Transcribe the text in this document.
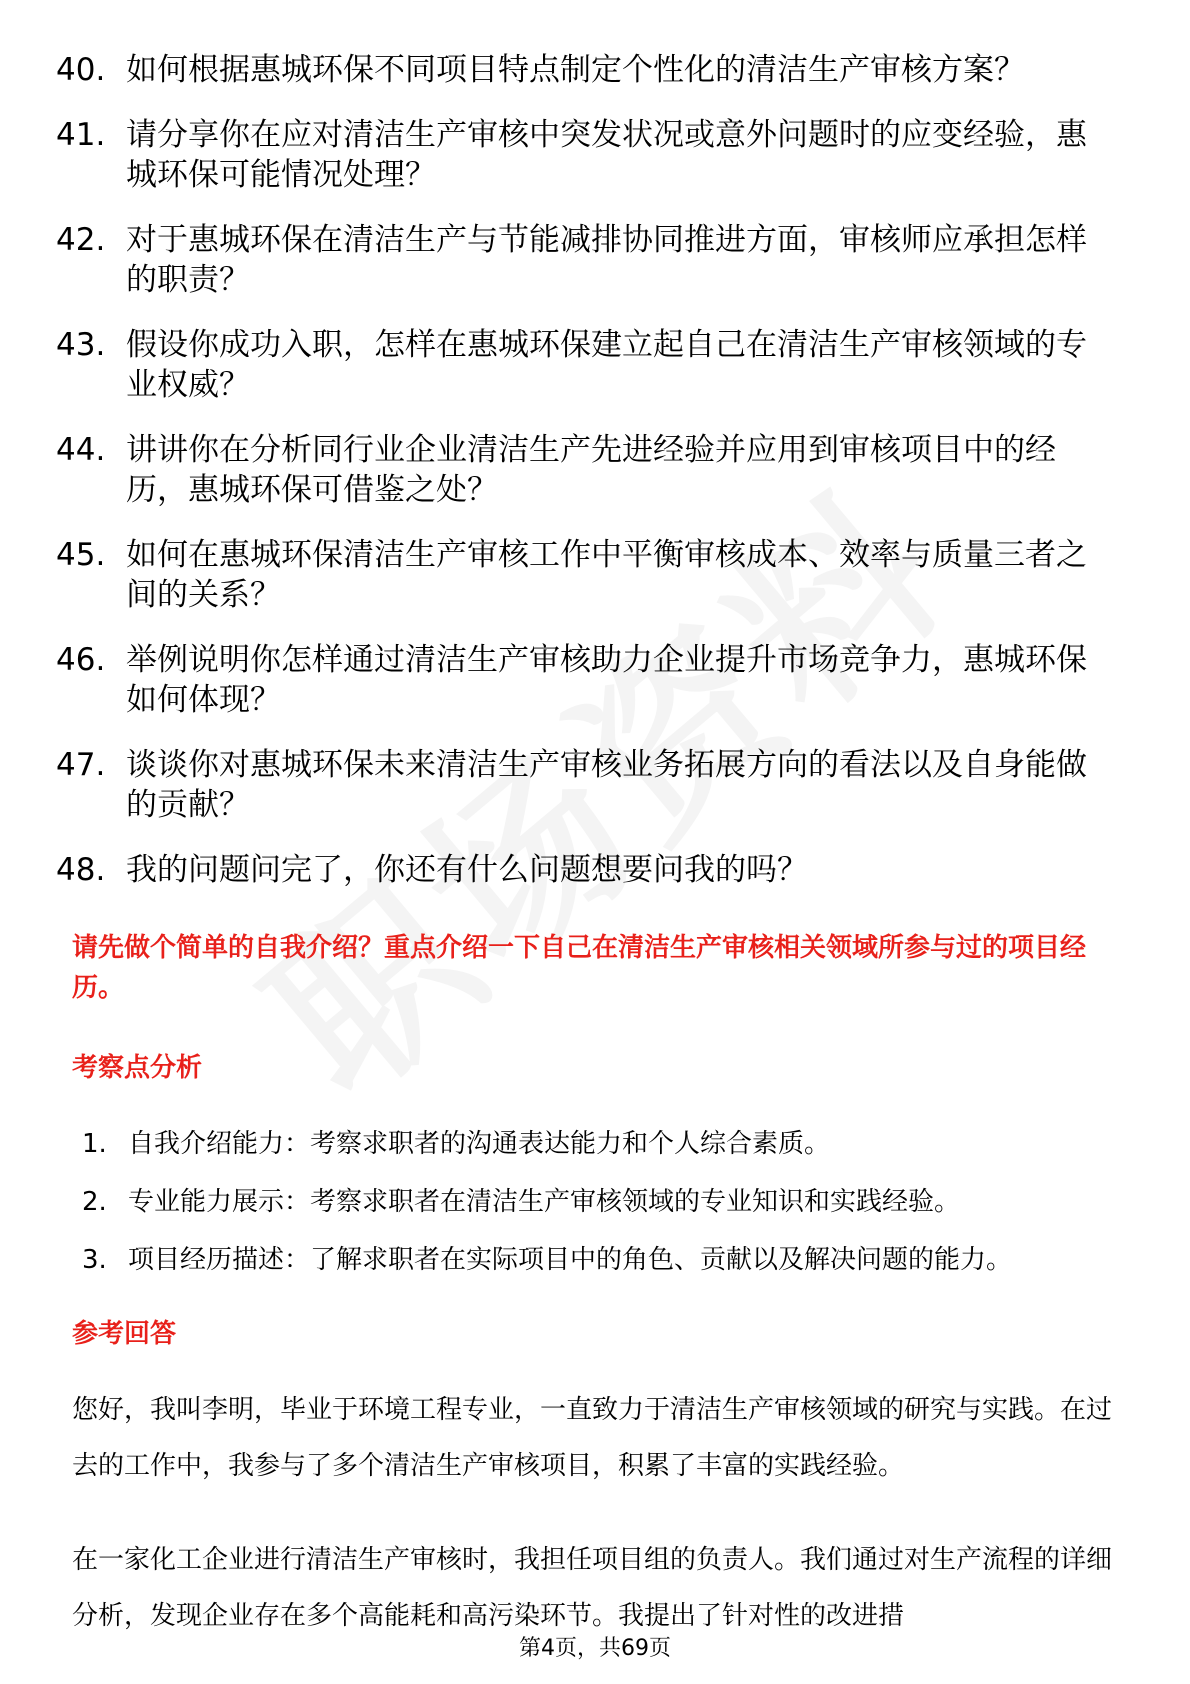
40. 如何根据惠城环保不同项目特点制定个性化的清洁生产审核方案？
41. 请分享你在应对清洁生产审核中突发状况或意外问题时的应变经验，惠城环保可能情况处理？
42. 对于惠城环保在清洁生产与节能减排协同推进方面，审核师应承担怎样的职责？
43. 假设你成功入职，怎样在惠城环保建立起自己在清洁生产审核领域的专业权威？
44. 讲讲你在分析同行业企业清洁生产先进经验并应用到审核项目中的经历，惠城环保可借鉴之处？
45. 如何在惠城环保清洁生产审核工作中平衡审核成本、效率与质量三者之间的关系？
46. 举例说明你怎样通过清洁生产审核助力企业提升市场竞争力，惠城环保如何体现？
47. 谈谈你对惠城环保未来清洁生产审核业务拓展方向的看法以及自身能做的贡献？
48. 我的问题问完了，你还有什么问题想要问我的吗？
请先做个简单的自我介绍？重点介绍一下自己在清洁生产审核相关领域所参与过的项目经历。
考察点分析
1. 自我介绍能力：考察求职者的沟通表达能力和个人综合素质。
2. 专业能力展示：考察求职者在清洁生产审核领域的专业知识和实践经验。
3. 项目经历描述：了解求职者在实际项目中的角色、贡献以及解决问题的能力。
参考回答

您好，我叫李明，毕业于环境工程专业，一直致力于清洁生产审核领域的研究与实践。在过去的工作中，我参与了多个清洁生产审核项目，积累了丰富的实践经验。

在一家化工企业进行清洁生产审核时，我担任项目组的负责人。我们通过对生产流程的详细分析，发现企业存在多个高能耗和高污染环节。我提出了针对性的改进措

第4页，共69页
